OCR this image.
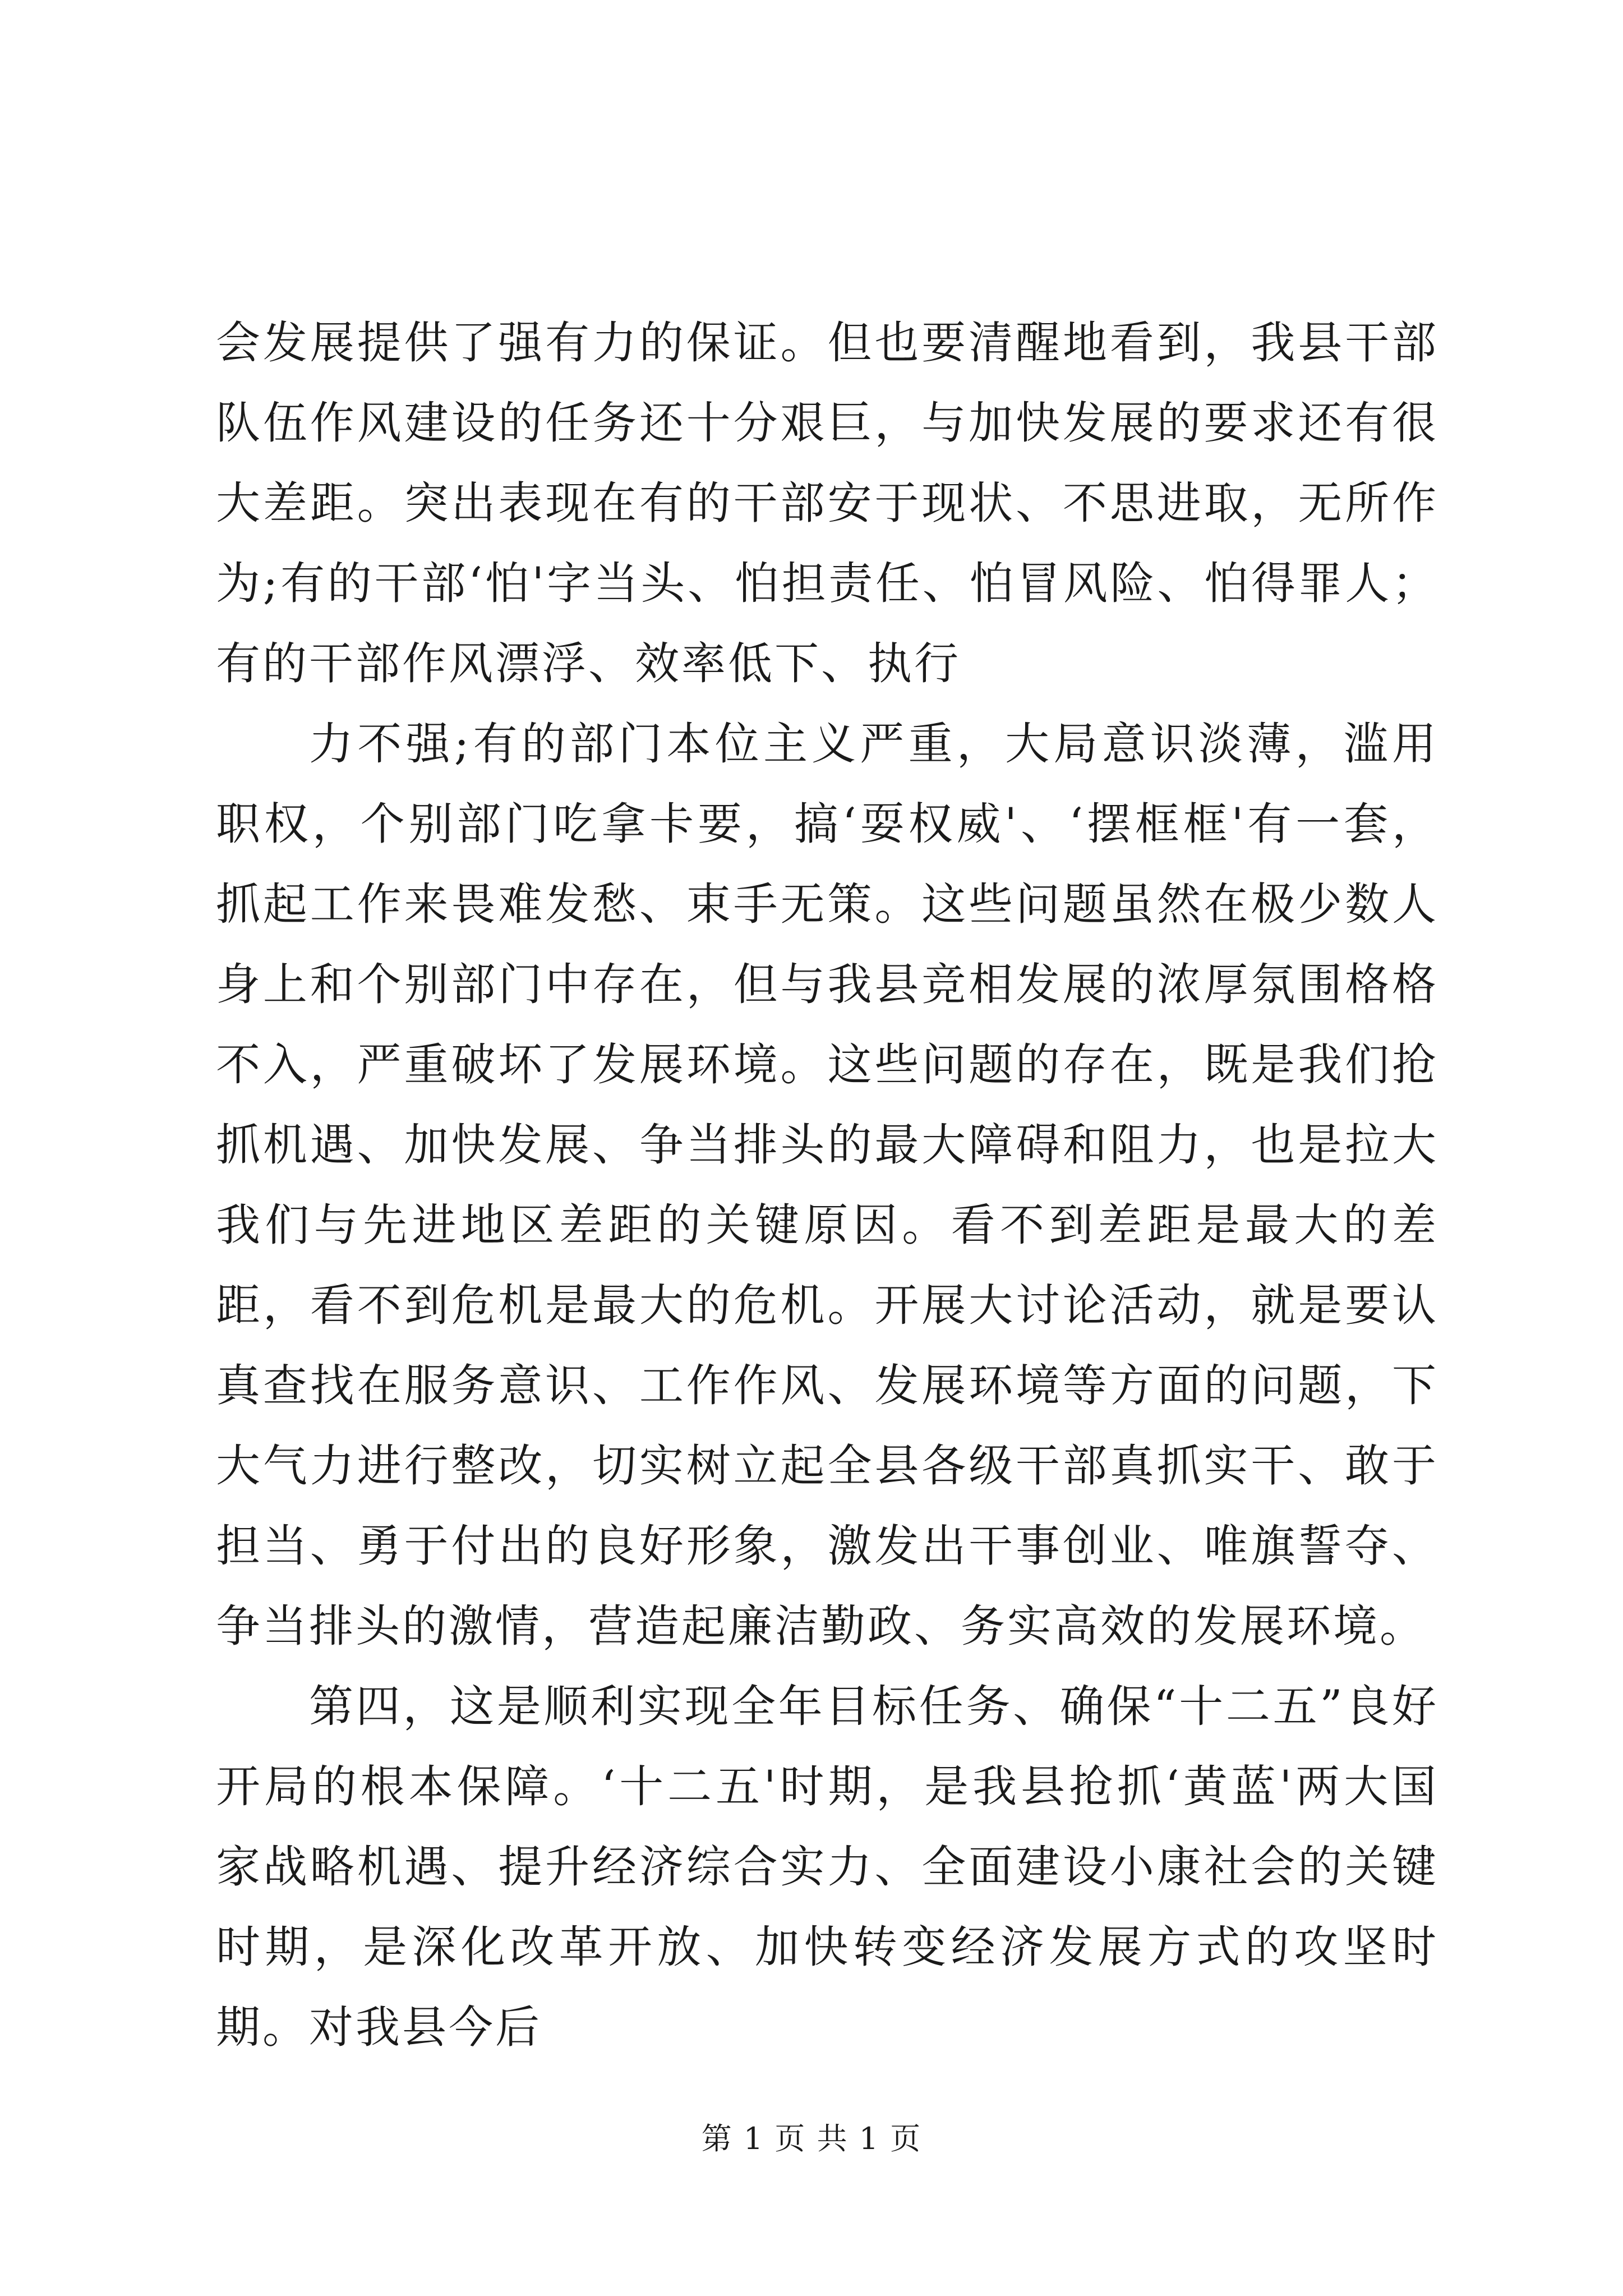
会发展提供了强有力的保证。但也要清醒地看到，我县干部队伍作风建设的任务还十分艰巨，与加快发展的要求还有很大差距。突出表现在有的干部安于现状、不思进取，无所作为;有的干部‘怕'字当头、怕担责任、怕冒风险、怕得罪人；有的干部作风漂浮、效率低下、执行

力不强;有的部门本位主义严重，大局意识淡薄，滥用职权，个别部门吃拿卡要，搞‘耍权威'、‘摆框框'有一套，抓起工作来畏难发愁、束手无策。这些问题虽然在极少数人身上和个别部门中存在，但与我县竞相发展的浓厚氛围格格不入，严重破坏了发展环境。这些问题的存在，既是我们抢抓机遇、加快发展、争当排头的最大障碍和阻力，也是拉大我们与先进地区差距的关键原因。看不到差距是最大的差距，看不到危机是最大的危机。开展大讨论活动，就是要认真查找在服务意识、工作作风、发展环境等方面的问题，下大气力进行整改，切实树立起全县各级干部真抓实干、敢于担当、勇于付出的良好形象，激发出干事创业、唯旗誓夺、争当排头的激情，营造起廉洁勤政、务实高效的发展环境。

第四，这是顺利实现全年目标任务、确保“十二五”良好开局的根本保障。‘十二五'时期，是我县抢抓‘黄蓝'两大国家战略机遇、提升经济综合实力、全面建设小康社会的关键时期，是深化改革开放、加快转变经济发展方式的攻坚时期。对我县今后

第 1 页 共 1 页
